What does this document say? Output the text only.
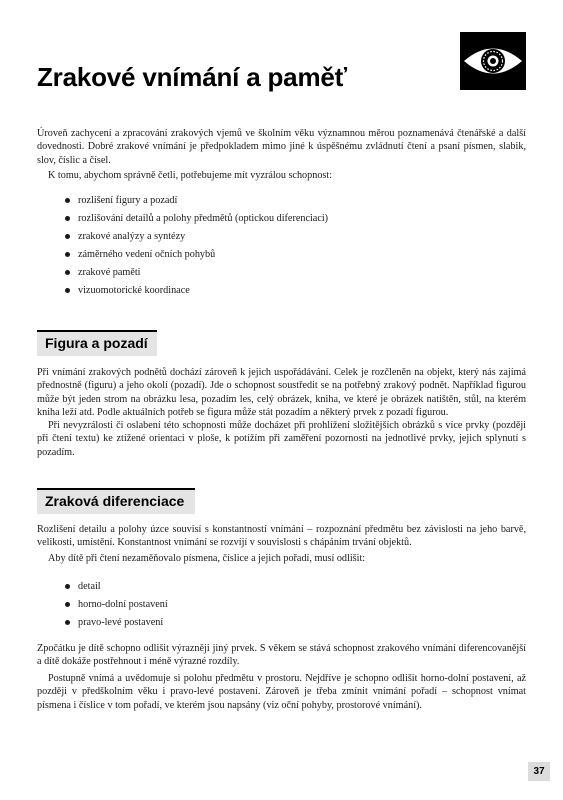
Zrakové vnímání a paměť

Úroveň zachycení a zpracování zrakových vjemů ve školním věku významnou měrou poznamenává čtenářské a další dovednosti. Dobré zrakové vnímání je předpokladem mimo jiné k úspěšnému zvládnutí čtení a psaní písmen, slabik, slov, číslic a čísel.

K tomu, abychom správně četli, potřebujeme mít vyzrálou schopnost:

rozlišení figury a pozadí
rozlišování detailů a polohy předmětů (optickou diferenciaci)
zrakové analýzy a syntézy
záměrného vedení očních pohybů
zrakové paměti
vizuomotorické koordinace
Figura a pozadí

Při vnímání zrakových podnětů dochází zároveň k jejich uspořádávání. Celek je rozčleněn na objekt, který nás zajímá přednostně (figuru) a jeho okolí (pozadí). Jde o schopnost soustředit se na potřebný zrakový podnět. Například figurou může být jeden strom na obrázku lesa, pozadím les, celý obrázek, kniha, ve které je obrázek natištěn, stůl, na kterém kniha leží atd. Podle aktuálních potřeb se figura může stát pozadím a některý prvek z pozadí figurou.

Při nevyzrálosti či oslabení této schopnosti může docházet při prohlížení složitějších obrázků s více prvky (později při čtení textu) ke ztížené orientaci v ploše, k potížím při zaměření pozornosti na jednotlivé prvky, jejich splynutí s pozadím.

Zraková diferenciace

Rozlišení detailu a polohy úzce souvisí s konstantností vnímání – rozpoznání předmětu bez závislosti na jeho barvě, velikosti, umístění. Konstantnost vnímání se rozvíjí v souvislosti s chápáním trvání objektů.

Aby dítě při čtení nezaměňovalo písmena, číslice a jejich pořadí, musí odlišit:

detail
horno-dolní postavení
pravo-levé postavení

Zpočátku je dítě schopno odlišit výrazněji jiný prvek. S věkem se stává schopnost zrakového vnímání diferencovanější a dítě dokáže postřehnout i méně výrazné rozdíly.

Postupně vnímá a uvědomuje si polohu předmětu v prostoru. Nejdříve je schopno odlišit horno-dolní postavení, až později v předškolním věku i pravo-levé postavení. Zároveň je třeba zmínit vnímání pořadí – schopnost vnímat písmena i číslice v tom pořadí, ve kterém jsou napsány (viz oční pohyby, prostorové vnímání).

37
